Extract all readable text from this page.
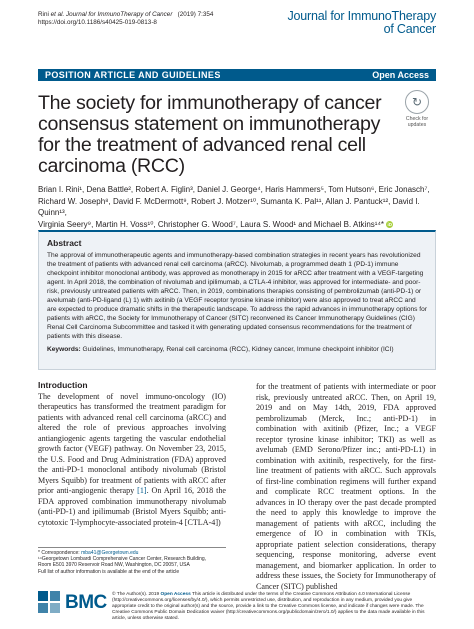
Rini et al. Journal for ImmunoTherapy of Cancer (2019) 7:354
https://doi.org/10.1186/s40425-019-0813-8	Journal for ImmunoTherapy
of Cancer
POSITION ARTICLE AND GUIDELINES	Open Access
The society for immunotherapy of cancer consensus statement on immunotherapy for the treatment of advanced renal cell carcinoma (RCC)
↻
Check for
updates
Brian I. Rini¹, Dena Battle², Robert A. Figlin³, Daniel J. George⁴, Haris Hammers⁵, Tom Hutson⁶, Eric Jonasch⁷,
Richard W. Joseph⁸, David F. McDermott⁹, Robert J. Motzer¹⁰, Sumanta K. Pal¹¹, Allan J. Pantuck¹², David I. Quinn¹³,
Virginia Seery⁹, Martin H. Voss¹⁰, Christopher G. Wood⁷, Laura S. Wood¹ and Michael B. Atkins¹⁴* iD
Abstract
The approval of immunotherapeutic agents and immunotherapy-based combination strategies in recent years has revolutionized the treatment of patients with advanced renal cell carcinoma (aRCC). Nivolumab, a programmed death 1 (PD-1) immune checkpoint inhibitor monoclonal antibody, was approved as monotherapy in 2015 for aRCC after treatment with a VEGF-targeting agent. In April 2018, the combination of nivolumab and ipilimumab, a CTLA-4 inhibitor, was approved for intermediate- and poor-risk, previously untreated patients with aRCC. Then, in 2019, combinations therapies consisting of pembrolizumab (anti-PD-1) or avelumab (anti-PD-ligand (L) 1) with axitinib (a VEGF receptor tyrosine kinase inhibitor) were also approved to treat aRCC and are expected to produce dramatic shifts in the therapeutic landscape. To address the rapid advances in immunotherapy options for patients with aRCC, the Society for Immunotherapy of Cancer (SITC) reconvened its Cancer Immunotherapy Guidelines (CIG) Renal Cell Carcinoma Subcommittee and tasked it with generating updated consensus recommendations for the treatment of patients with this disease.
Keywords: Guidelines, Immunotherapy, Renal cell carcinoma (RCC), Kidney cancer, Immune checkpoint inhibitor (ICI)
Introduction
The development of novel immuno-oncology (IO) therapeutics has transformed the treatment paradigm for patients with advanced renal cell carcinoma (aRCC) and altered the role of previous approaches involving antiangiogenic agents targeting the vascular endothelial growth factor (VEGF) pathway. On November 23, 2015, the U.S. Food and Drug Administration (FDA) approved the anti-PD-1 monoclonal antibody nivolumab (Bristol Myers Squibb) for treatment of patients with aRCC after prior anti-angiogenic therapy [1]. On April 16, 2018 the FDA approved combination immunotherapy nivolumab (anti-PD-1) and ipilimumab (Bristol Myers Squibb; anti-cytotoxic T-lymphocyte-associated protein-4 [CTLA-4])
for the treatment of patients with intermediate or poor risk, previously untreated aRCC. Then, on April 19, 2019 and on May 14th, 2019, FDA approved pembrolizumab (Merck, Inc.; anti-PD-1) in combination with axitinib (Pfizer, Inc.; a VEGF receptor tyrosine kinase inhibitor; TKI) as well as avelumab (EMD Serono/Pfizer inc.; anti-PD-L1) in combination with axitinib, respectively, for the first-line treatment of patients with aRCC. Such approvals of first-line combination regimens will further expand and complicate RCC treatment options. In the advances in IO therapy over the past decade prompted the need to apply this knowledge to improve the management of patients with aRCC, including the emergence of IO in combination with TKIs, appropriate patient selection considerations, therapy sequencing, response monitoring, adverse event management, and biomarker application. In order to address these issues, the Society for Immunotherapy of Cancer (SITC) published
* Correspondence: mba41@Georgetown.edu
¹⁴Georgetown Lombardi Comprehensive Cancer Center, Research Building,
Room E501 3970 Reservoir Road NW, Washington, DC 20057, USA
Full list of author information is available at the end of the article
BMC © The Author(s). 2019 Open Access This article is distributed under the terms of the Creative Commons Attribution 4.0 International License (http://creativecommons.org/licenses/by/4.0/), which permits unrestricted use, distribution, and reproduction in any medium, provided you give appropriate credit to the original author(s) and the source, provide a link to the Creative Commons license, and indicate if changes were made. The Creative Commons Public Domain Dedication waiver (http://creativecommons.org/publicdomain/zero/1.0/) applies to the data made available in this article, unless otherwise stated.
